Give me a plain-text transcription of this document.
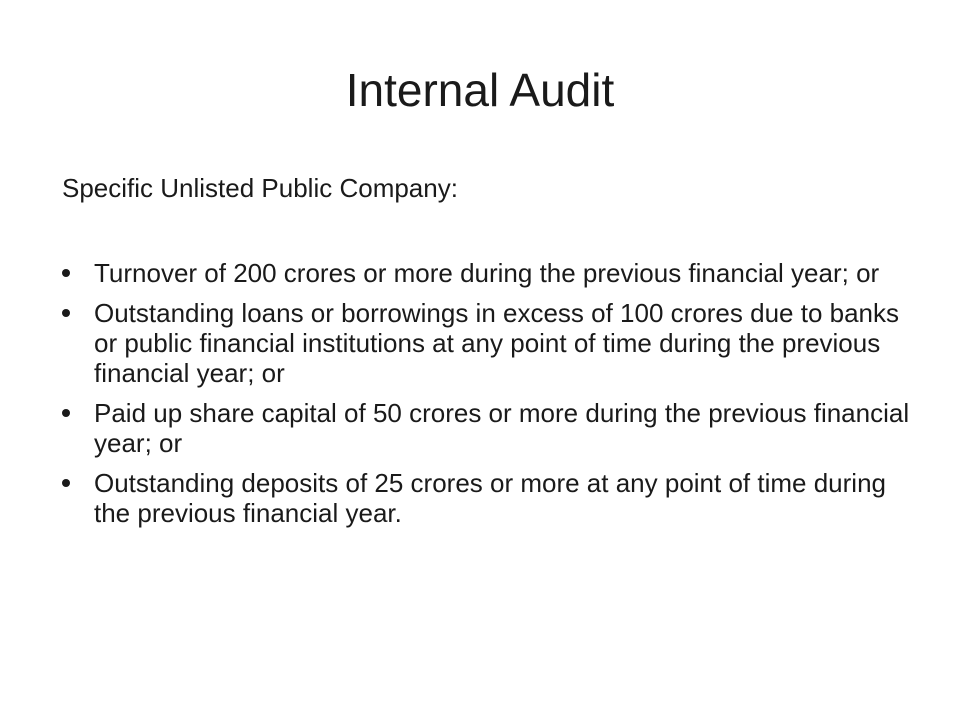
Internal Audit

Specific Unlisted Public Company:

Turnover of 200 crores or more during the previous financial year; or
Outstanding loans or borrowings in excess of 100 crores due to banks or public financial institutions at any point of time during the previous financial year; or
Paid up share capital of 50 crores or more during the previous financial year; or
Outstanding deposits of 25 crores or more at any point of time during the previous financial year.
